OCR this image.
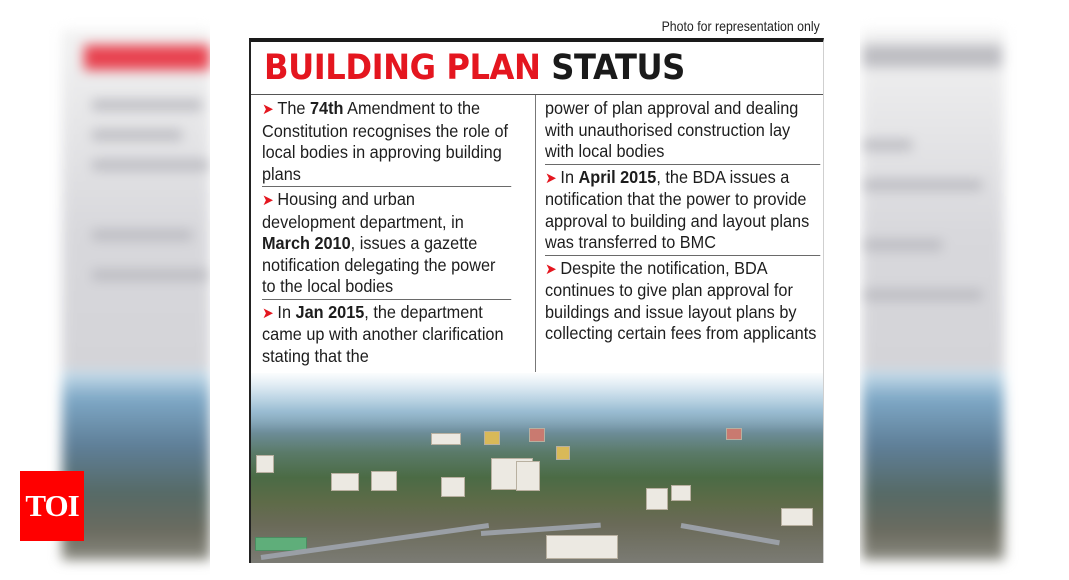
Photo for representation only
BUILDING PLAN STATUS
➤ The 74th Amendment to the Constitution recognises the role of local bodies in approving building plans
➤ Housing and urban development department, in March 2010, issues a gazette notification delegating the power to the local bodies
➤ In Jan 2015, the department came up with another clarification stating that the
power of plan approval and dealing with unauthorised construction lay with local bodies
➤ In April 2015, the BDA issues a notification that the power to provide approval to building and layout plans was transferred to BMC
➤ Despite the notification, BDA continues to give plan approval for buildings and issue layout plans by collecting certain fees from applicants
TOI
